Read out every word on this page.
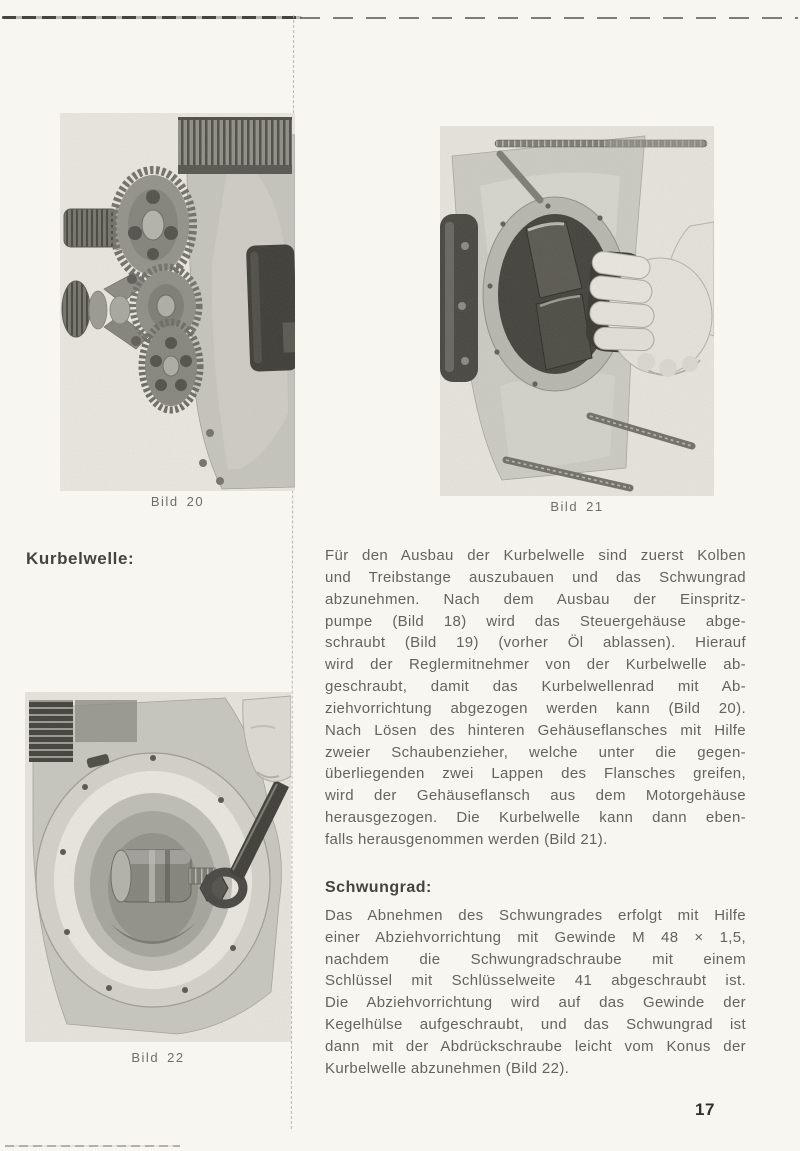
Bild 20	Bild 21
Kurbelwelle:
Bild 22
Für den Ausbau der Kurbelwelle sind zuerst Kolben
und Treibstange auszubauen und das Schwungrad
abzunehmen. Nach dem Ausbau der Einspritz-
pumpe (Bild 18) wird das Steuergehäuse abge-
schraubt (Bild 19) (vorher Öl ablassen). Hierauf
wird der Reglermitnehmer von der Kurbelwelle ab-
geschraubt, damit das Kurbelwellenrad mit Ab-
ziehvorrichtung abgezogen werden kann (Bild 20).
Nach Lösen des hinteren Gehäuseflansches mit Hilfe
zweier Schaubenzieher, welche unter die gegen-
überliegenden zwei Lappen des Flansches greifen,
wird der Gehäuseflansch aus dem Motorgehäuse
herausgezogen. Die Kurbelwelle kann dann eben-
falls herausgenommen werden (Bild 21).
Schwungrad:
Das Abnehmen des Schwungrades erfolgt mit Hilfe
einer Abziehvorrichtung mit Gewinde M 48 × 1,5,
nachdem die Schwungradschraube mit einem
Schlüssel mit Schlüsselweite 41 abgeschraubt ist.
Die Abziehvorrichtung wird auf das Gewinde der
Kegelhülse aufgeschraubt, und das Schwungrad ist
dann mit der Abdrückschraube leicht vom Konus der
Kurbelwelle abzunehmen (Bild 22).
17
